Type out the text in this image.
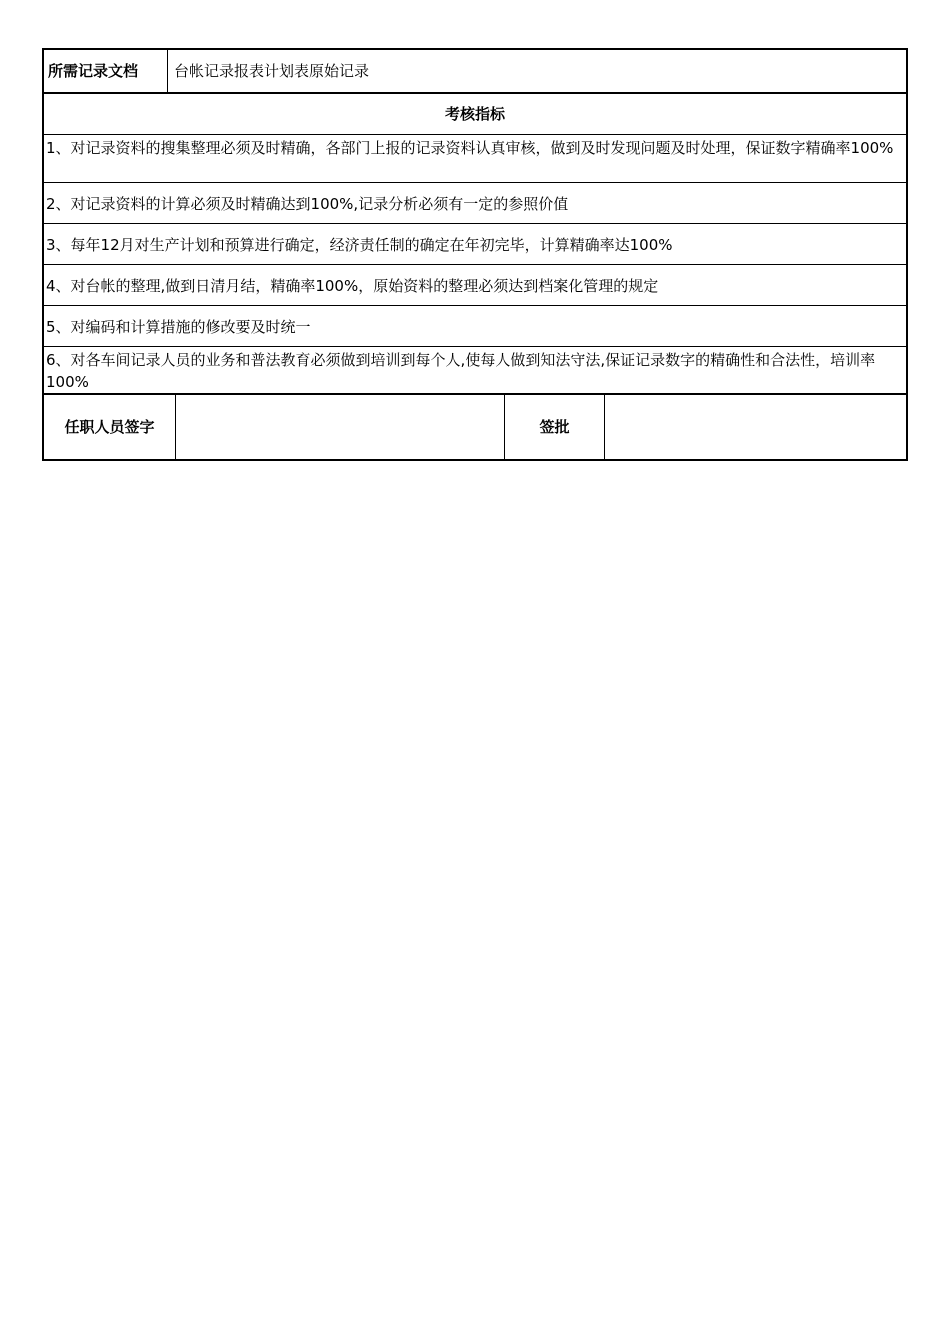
所需记录文档	台帐记录报表计划表原始记录
考核指标
1、对记录资料的搜集整理必须及时精确，各部门上报的记录资料认真审核，做到及时发现问题及时处理，保证数字精确率100%
2、对记录资料的计算必须及时精确达到100%,记录分析必须有一定的参照价值
3、每年12月对生产计划和预算进行确定，经济责任制的确定在年初完毕，计算精确率达100%
4、对台帐的整理,做到日清月结，精确率100%，原始资料的整理必须达到档案化管理的规定
5、对编码和计算措施的修改要及时统一
6、对各车间记录人员的业务和普法教育必须做到培训到每个人,使每人做到知法守法,保证记录数字的精确性和合法性，培训率100%
任职人员签字	签批
